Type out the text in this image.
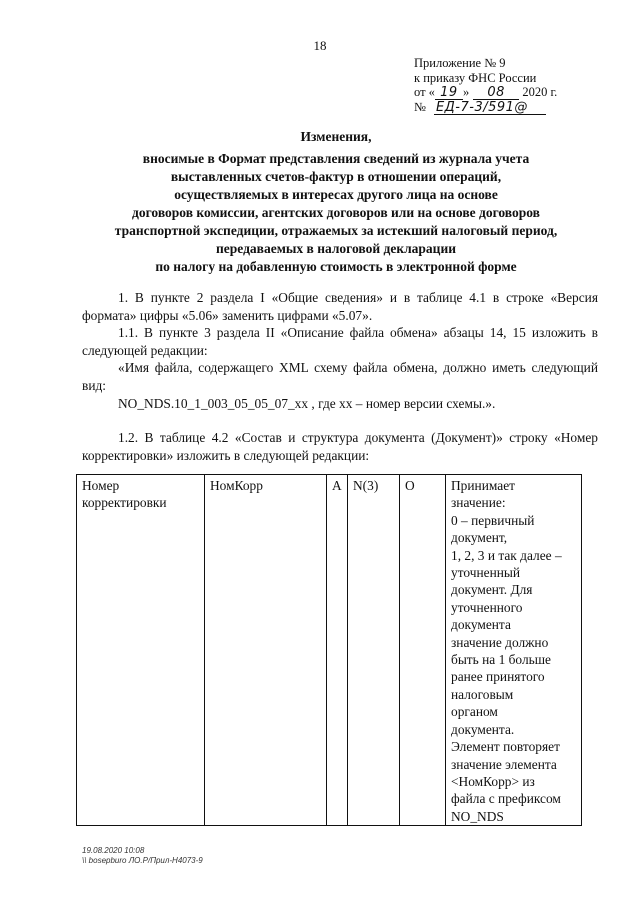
18
Приложение № 9
к приказу ФНС России
от « 19 » 08 2020 г.
№ ЕД-7-3/591@
Изменения,
вносимые в Формат представления сведений из журнала учета
выставленных счетов-фактур в отношении операций,
осуществляемых в интересах другого лица на основе
договоров комиссии, агентских договоров или на основе договоров
транспортной экспедиции, отражаемых за истекший налоговый период,
передаваемых в налоговой декларации
по налогу на добавленную стоимость в электронной форме

1. В пункте 2 раздела I «Общие сведения» и в таблице 4.1 в строке «Версия формата» цифры «5.06» заменить цифрами «5.07».

1.1. В пункте 3 раздела II «Описание файла обмена» абзацы 14, 15 изложить в следующей редакции:

«Имя файла, содержащего XML схему файла обмена, должно иметь следующий вид:

NO_NDS.10_1_003_05_05_07_xx , где хх – номер версии схемы.».

1.2. В таблице 4.2 «Состав и структура документа (Документ)» строку «Номер корректировки» изложить в следующей редакции:

Номер корректировки	НомКорр	A	N(3)	О	Принимает
значение:
0 – первичный
документ,
1, 2, 3 и так далее –
уточненный
документ. Для
уточненного
документа
значение должно
быть на 1 больше
ранее принятого
налоговым
органом
документа.
Элемент повторяет
значение элемента
<НомКорр> из
файла с префиксом
NO_NDS
19.08.2020 10:08
\\ bosepburo ЛО.Р/Прил-Н4073-9
